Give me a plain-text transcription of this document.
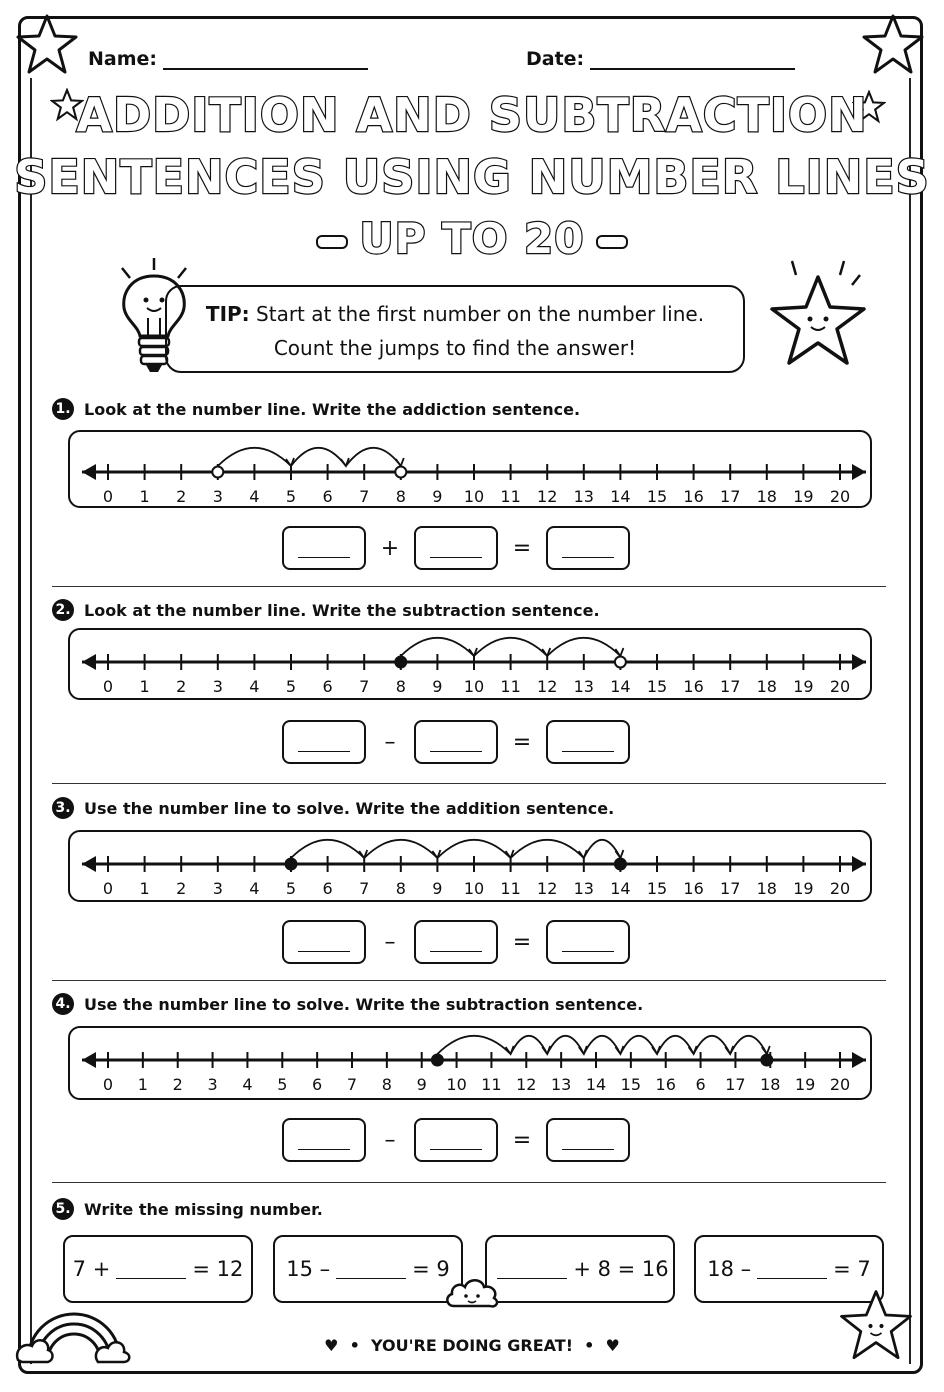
Name:	Date:
ADDITION AND SUBTRACTION
SENTENCES USING NUMBER LINES
UP TO 20
TIP: Start at the first number on the number line.
Count the jumps to find the answer!
1. Look at the number line. Write the addiction sentence.
0 1 2 3 4 5 6 7 8 9 10 11 12 13 14 15 16 17 18 19 20
+	=
2. Look at the number line. Write the subtraction sentence.
0 1 2 3 4 5 6 7 8 9 10 11 12 13 14 15 16 17 18 19 20
–	=
3. Use the number line to solve. Write the addition sentence.
0 1 2 3 4 5 6 7 8 9 10 11 12 13 14 15 16 17 18 19 20
–	=
4. Use the number line to solve. Write the subtraction sentence.
0 1 2 3 4 5 6 7 8 9 10 11 12 13 14 15 16 6 17 18 19 20
–	=
5. Write the missing number.
7 +	= 12 15 –	= 9	+ 8 = 16 18 –	= 7
♥ • YOU'RE DOING GREAT! • ♥
